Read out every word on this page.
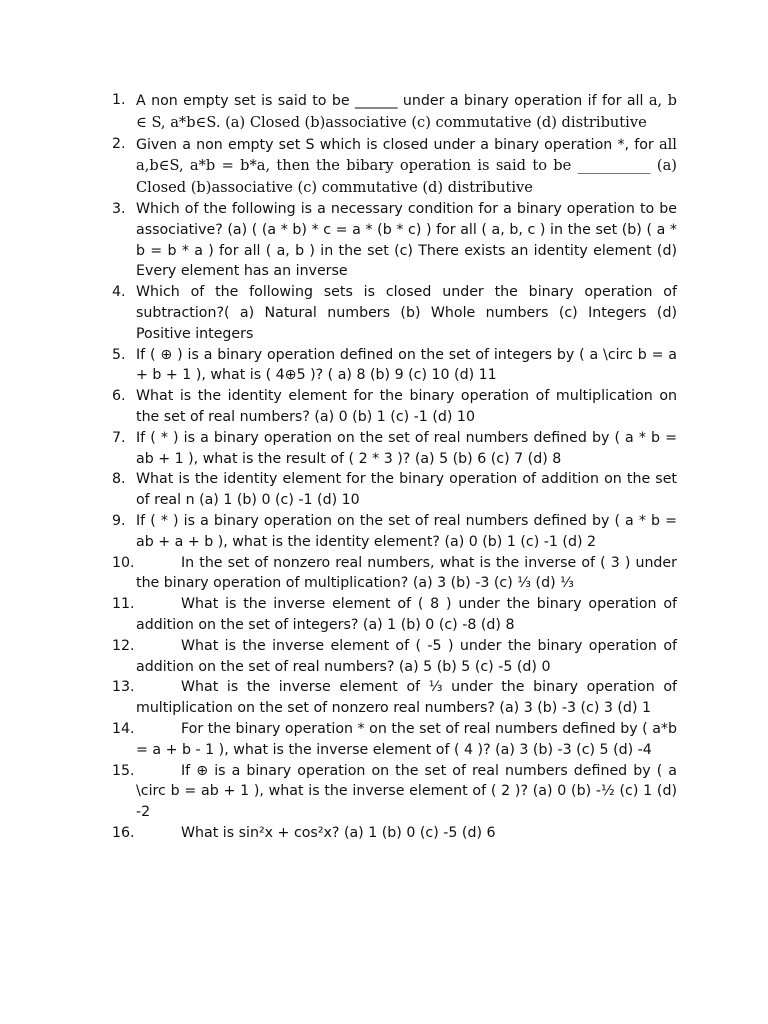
1. A non empty set is said to be ______ under a binary operation if for all a, b ∈ S, a*b∈S. (a) Closed (b)associative (c) commutative (d) distributive
2. Given a non empty set S which is closed under a binary operation *, for all a,b∈S, a*b = b*a, then the bibary operation is said to be __________ (a) Closed (b)associative (c) commutative (d) distributive
3. Which of the following is a necessary condition for a binary operation to be associative? (a) ( (a * b) * c = a * (b * c) ) for all ( a, b, c ) in the set (b) ( a * b = b * a ) for all ( a, b ) in the set (c) There exists an identity element (d) Every element has an inverse
4. Which of the following sets is closed under the binary operation of subtraction?( a) Natural numbers (b) Whole numbers (c) Integers (d) Positive integers
5. If ( ⊕ ) is a binary operation defined on the set of integers by ( a \circ b = a + b + 1 ), what is ( 4⊕5 )? ( a) 8 (b) 9 (c) 10 (d) 11
6. What is the identity element for the binary operation of multiplication on the set of real numbers? (a) 0 (b) 1 (c) -1 (d) 10
7. If ( * ) is a binary operation on the set of real numbers defined by ( a * b = ab + 1 ), what is the result of ( 2 * 3 )? (a) 5 (b) 6 (c) 7 (d) 8
8. What is the identity element for the binary operation of addition on the set of real n (a) 1 (b) 0 (c) -1 (d) 10
9. If ( * ) is a binary operation on the set of real numbers defined by ( a * b = ab + a + b ), what is the identity element? (a) 0 (b) 1 (c) -1 (d) 2
10.	In the set of nonzero real numbers, what is the inverse of ( 3 ) under the binary operation of multiplication? (a) 3 (b) -3 (c) ⅓ (d) ⅓
11.	What is the inverse element of ( 8 ) under the binary operation of addition on the set of integers? (a) 1 (b) 0 (c) -8 (d) 8
12.	What is the inverse element of ( -5 ) under the binary operation of addition on the set of real numbers? (a) 5 (b) 5 (c) -5 (d) 0
13.	What is the inverse element of ⅓ under the binary operation of multiplication on the set of nonzero real numbers? (a) 3 (b) -3 (c) 3 (d) 1
14.	For the binary operation * on the set of real numbers defined by ( a*b = a + b - 1 ), what is the inverse element of ( 4 )? (a) 3 (b) -3 (c) 5 (d) -4
15.	If ⊕ is a binary operation on the set of real numbers defined by ( a \circ b = ab + 1 ), what is the inverse element of ( 2 )? (a) 0 (b) -½ (c) 1 (d) -2
16.	What is sin²x + cos²x? (a) 1 (b) 0 (c) -5 (d) 6
